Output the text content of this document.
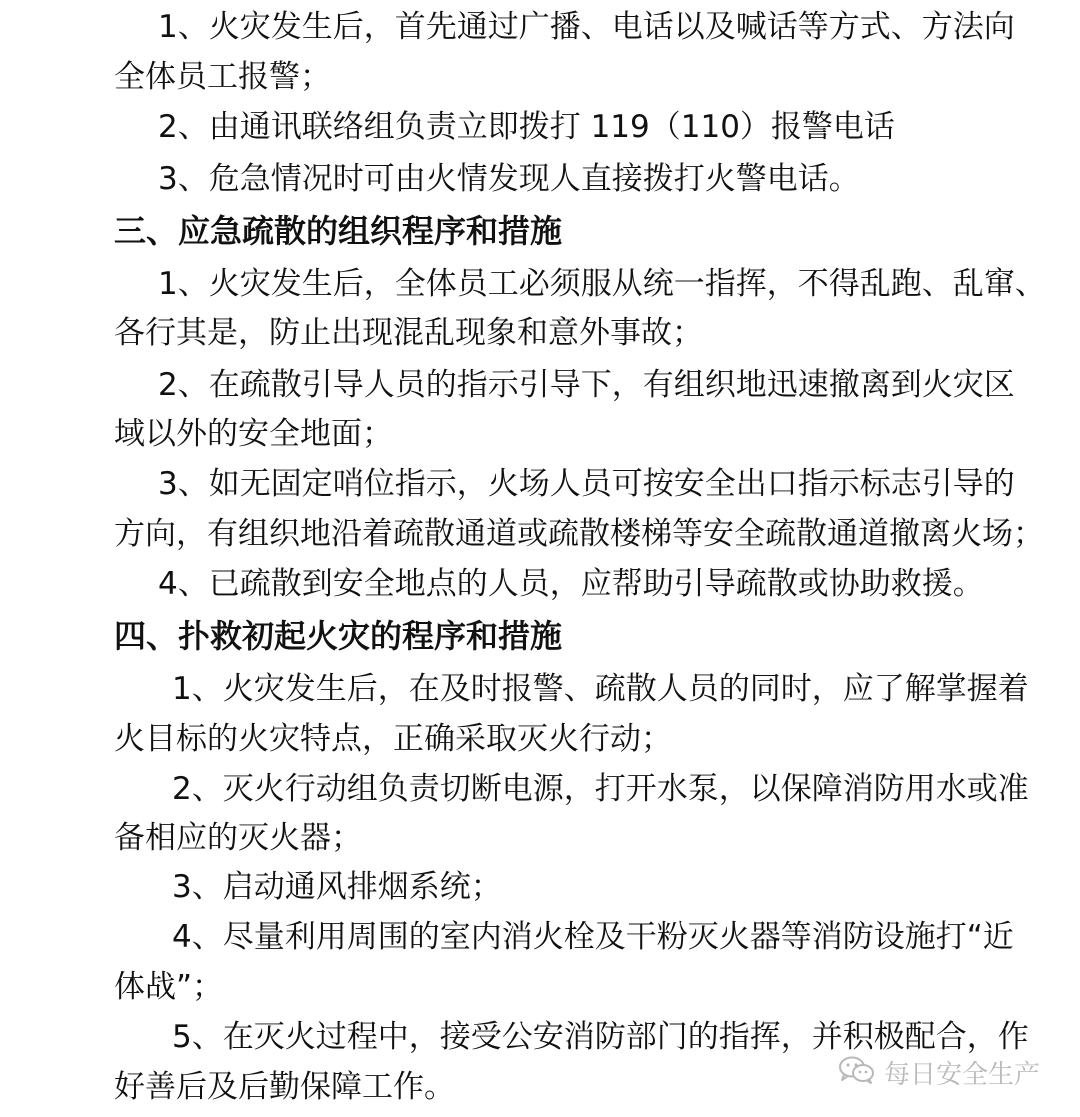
1、火灾发生后，首先通过广播、电话以及喊话等方式、方法向
全体员工报警；
2、由通讯联络组负责立即拨打 119（110）报警电话
3、危急情况时可由火情发现人直接拨打火警电话。
三、应急疏散的组织程序和措施
1、火灾发生后，全体员工必须服从统一指挥，不得乱跑、乱窜、
各行其是，防止出现混乱现象和意外事故；
2、在疏散引导人员的指示引导下，有组织地迅速撤离到火灾区
域以外的安全地面；
3、如无固定哨位指示，火场人员可按安全出口指示标志引导的
方向，有组织地沿着疏散通道或疏散楼梯等安全疏散通道撤离火场；
4、已疏散到安全地点的人员，应帮助引导疏散或协助救援。
四、扑救初起火灾的程序和措施
1、火灾发生后，在及时报警、疏散人员的同时，应了解掌握着
火目标的火灾特点，正确采取灭火行动；
2、灭火行动组负责切断电源，打开水泵，以保障消防用水或准
备相应的灭火器；
3、启动通风排烟系统；
4、尽量利用周围的室内消火栓及干粉灭火器等消防设施打“近
体战”；
5、在灭火过程中，接受公安消防部门的指挥，并积极配合，作
好善后及后勤保障工作。	每日安全生产
